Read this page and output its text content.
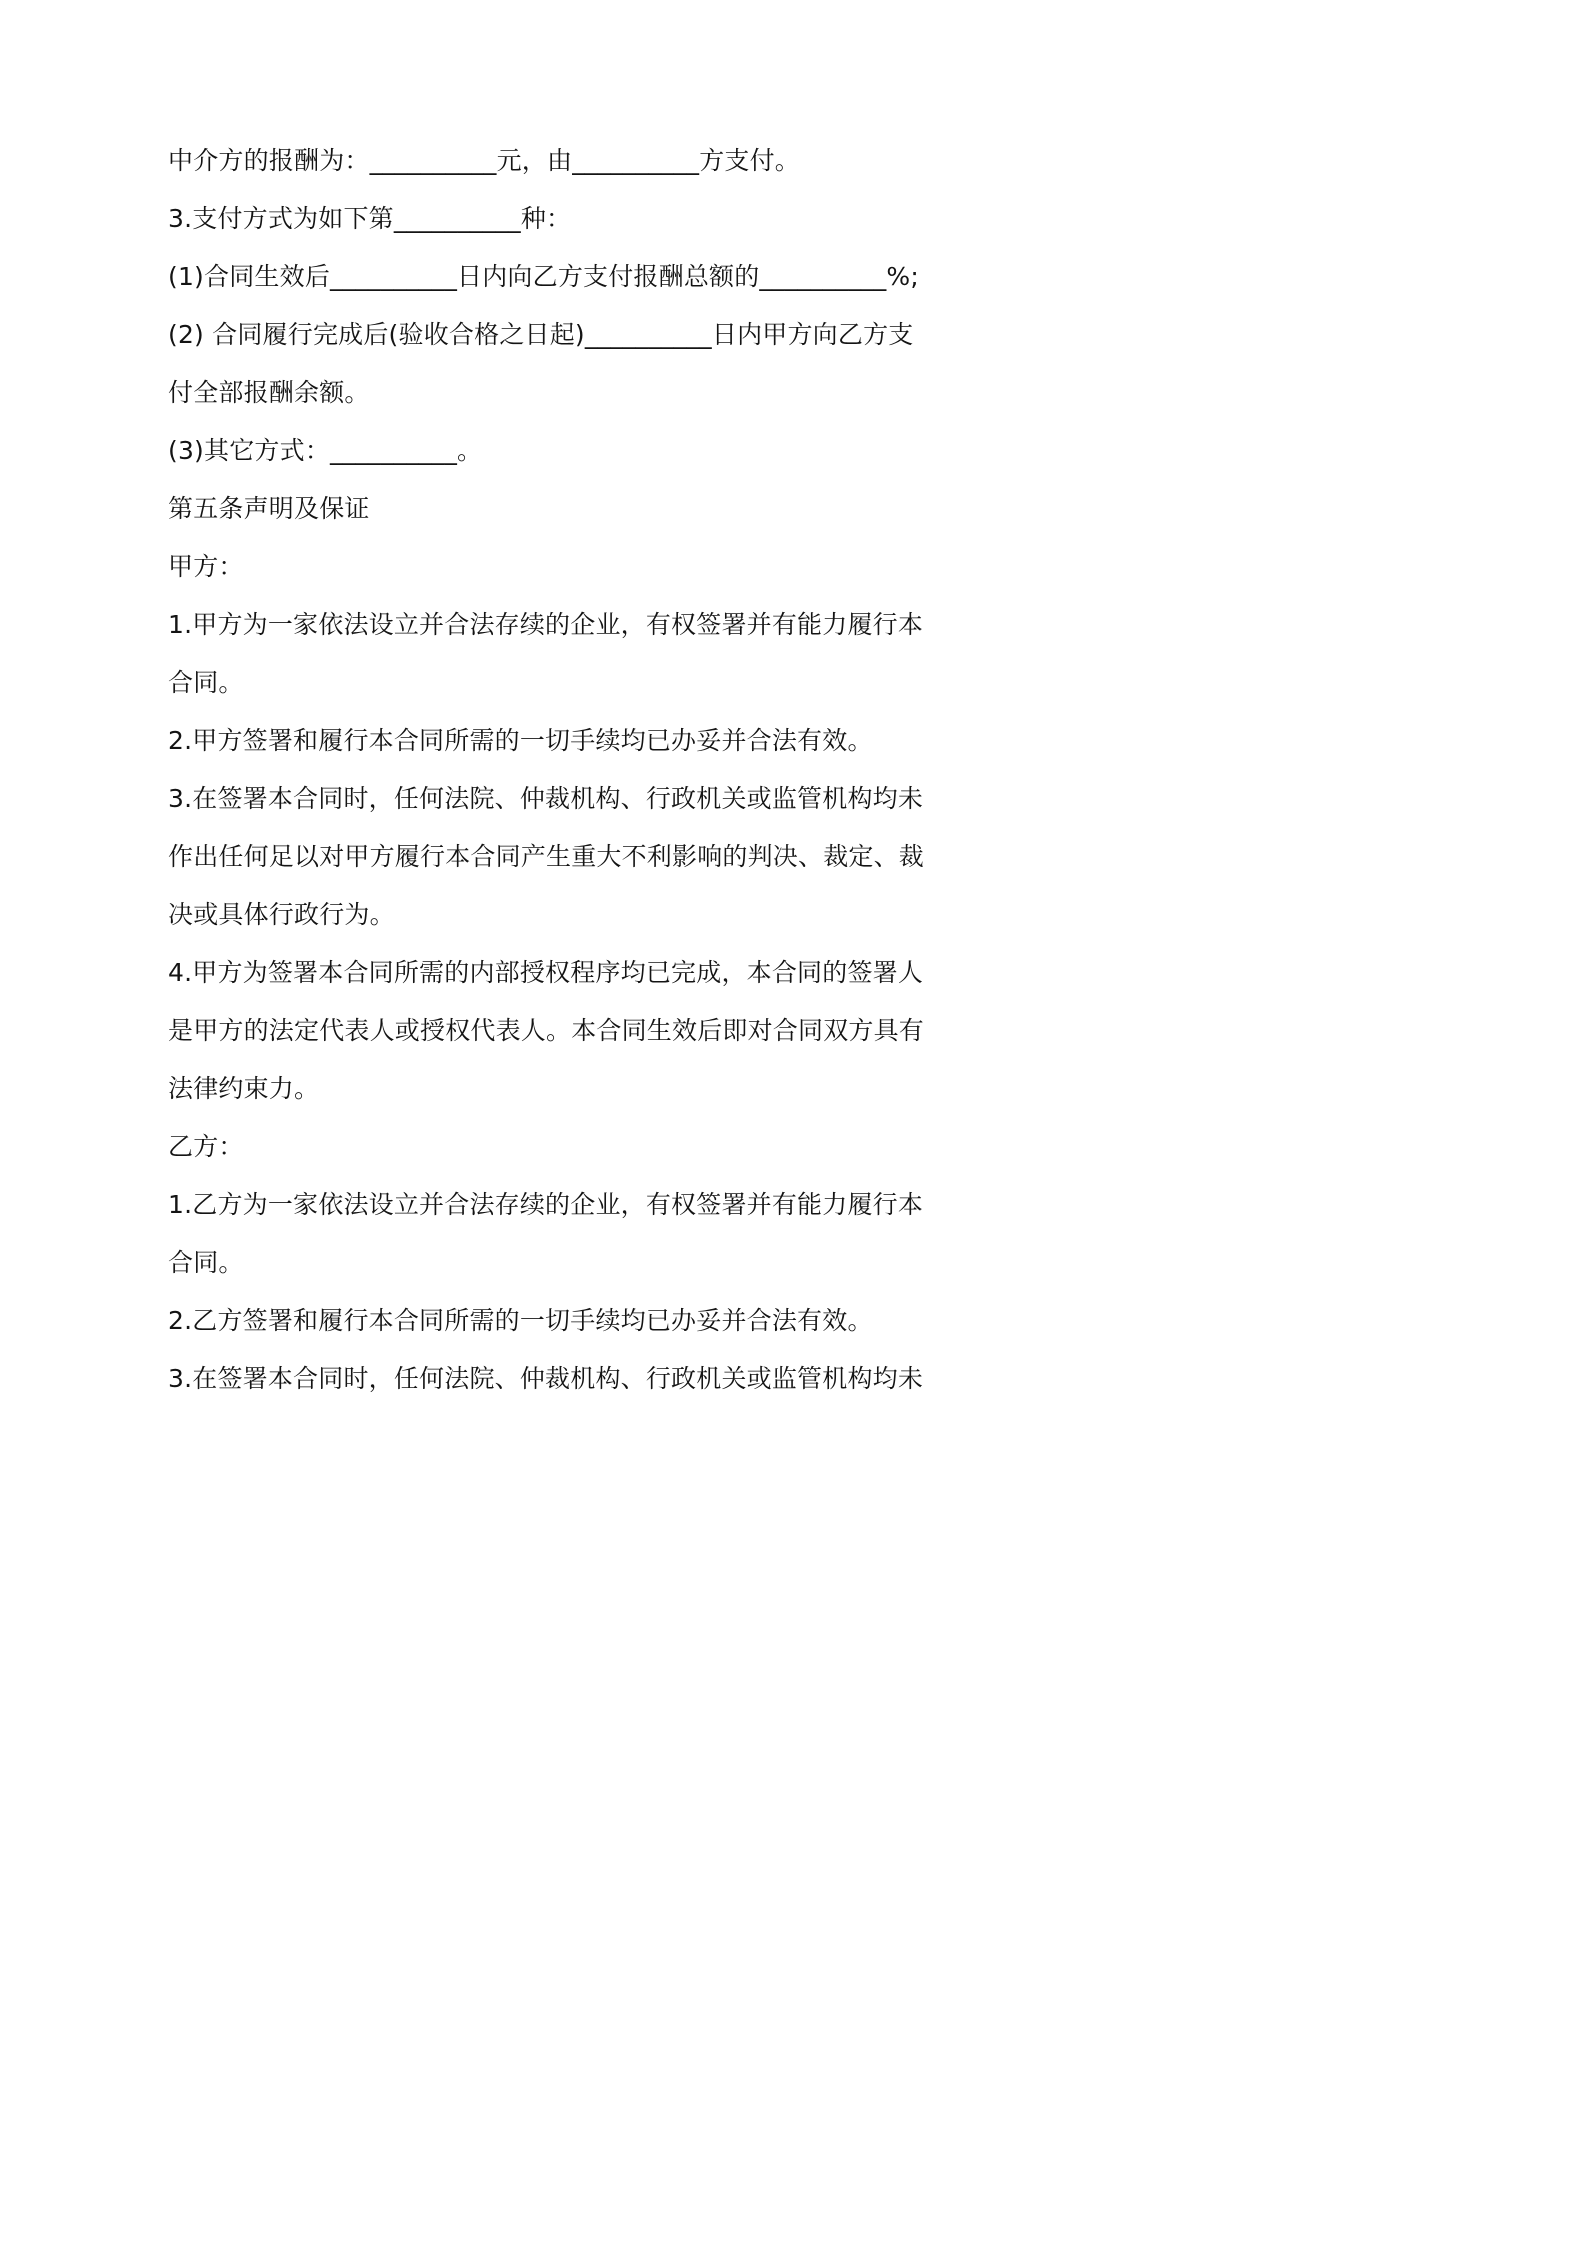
中介方的报酬为：__________元，由__________方支付。
3.支付方式为如下第__________种：
(1)合同生效后__________日内向乙方支付报酬总额的__________%;
(2) 合同履行完成后(验收合格之日起)__________日内甲方向乙方支
付全部报酬余额。
(3)其它方式：__________。
第五条声明及保证
甲方：
1.甲方为一家依法设立并合法存续的企业，有权签署并有能力履行本
合同。
2.甲方签署和履行本合同所需的一切手续均已办妥并合法有效。
3.在签署本合同时，任何法院、仲裁机构、行政机关或监管机构均未
作出任何足以对甲方履行本合同产生重大不利影响的判决、裁定、裁
决或具体行政行为。
4.甲方为签署本合同所需的内部授权程序均已完成，本合同的签署人
是甲方的法定代表人或授权代表人。本合同生效后即对合同双方具有
法律约束力。
乙方：
1.乙方为一家依法设立并合法存续的企业，有权签署并有能力履行本
合同。
2.乙方签署和履行本合同所需的一切手续均已办妥并合法有效。
3.在签署本合同时，任何法院、仲裁机构、行政机关或监管机构均未
